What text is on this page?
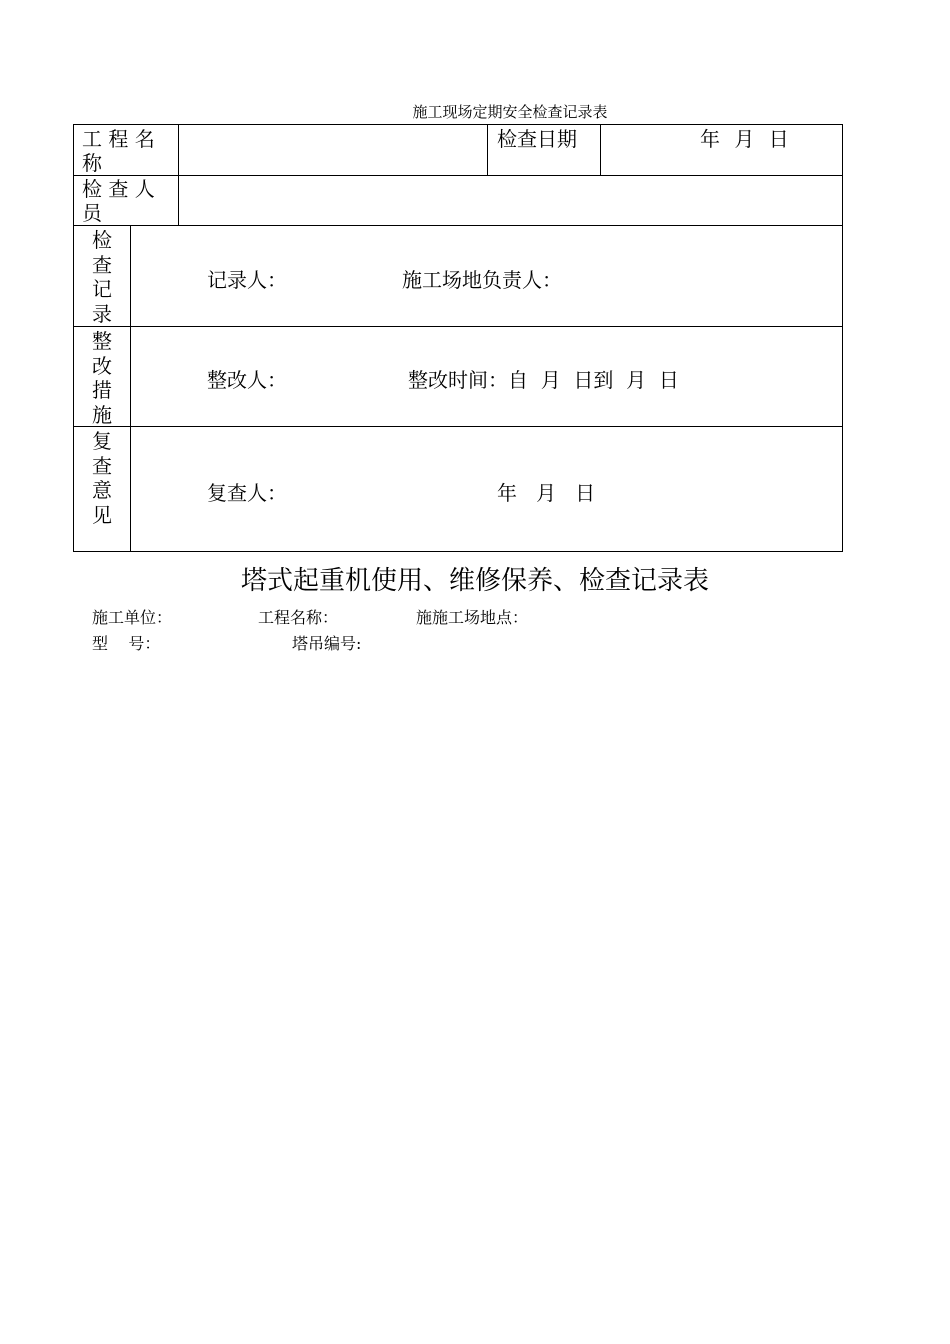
施工现场定期安全检查记录表
工 程 名
称
检查日期	年 月 日
检 查 人
员
检
查
记
录
记录人：	施工场地负责人：
整
改
措
施
整改人：	整改时间：自  月  日到  月  日
复
查
意
见
复查人：	年   月   日
塔式起重机使用、维修保养、检查记录表
施工单位：	工程名称：	施施工场地点：
型    号：	塔吊编号:
